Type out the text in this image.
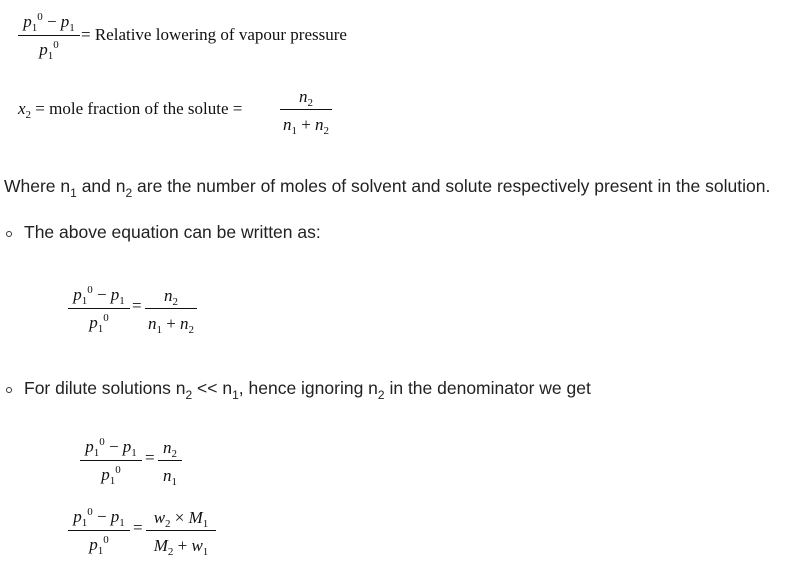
$p_1^0 - p_1$
$p_1^0$
= Relative lowering of vapour pressure
$x_2$ = mole fraction of the solute =
$n_2$
$n_1 + n_2$
Where $n_1$ and $n_2$ are the number of moles of solvent and solute respectively present in the solution.
The above equation can be written as:
$p_1^0 - p_1$
$p_1^0$
=
$n_2$
$n_1 + n_2$
For dilute solutions $n_2 << n_1$, hence ignoring $n_2$ in the denominator we get
$p_1^0 - p_1$
$p_1^0$
=
$n_2$
$n_1$
$p_1^0 - p_1$
$p_1^0$
=
$w_2 \times M_1$
$M_2 + w_1$
